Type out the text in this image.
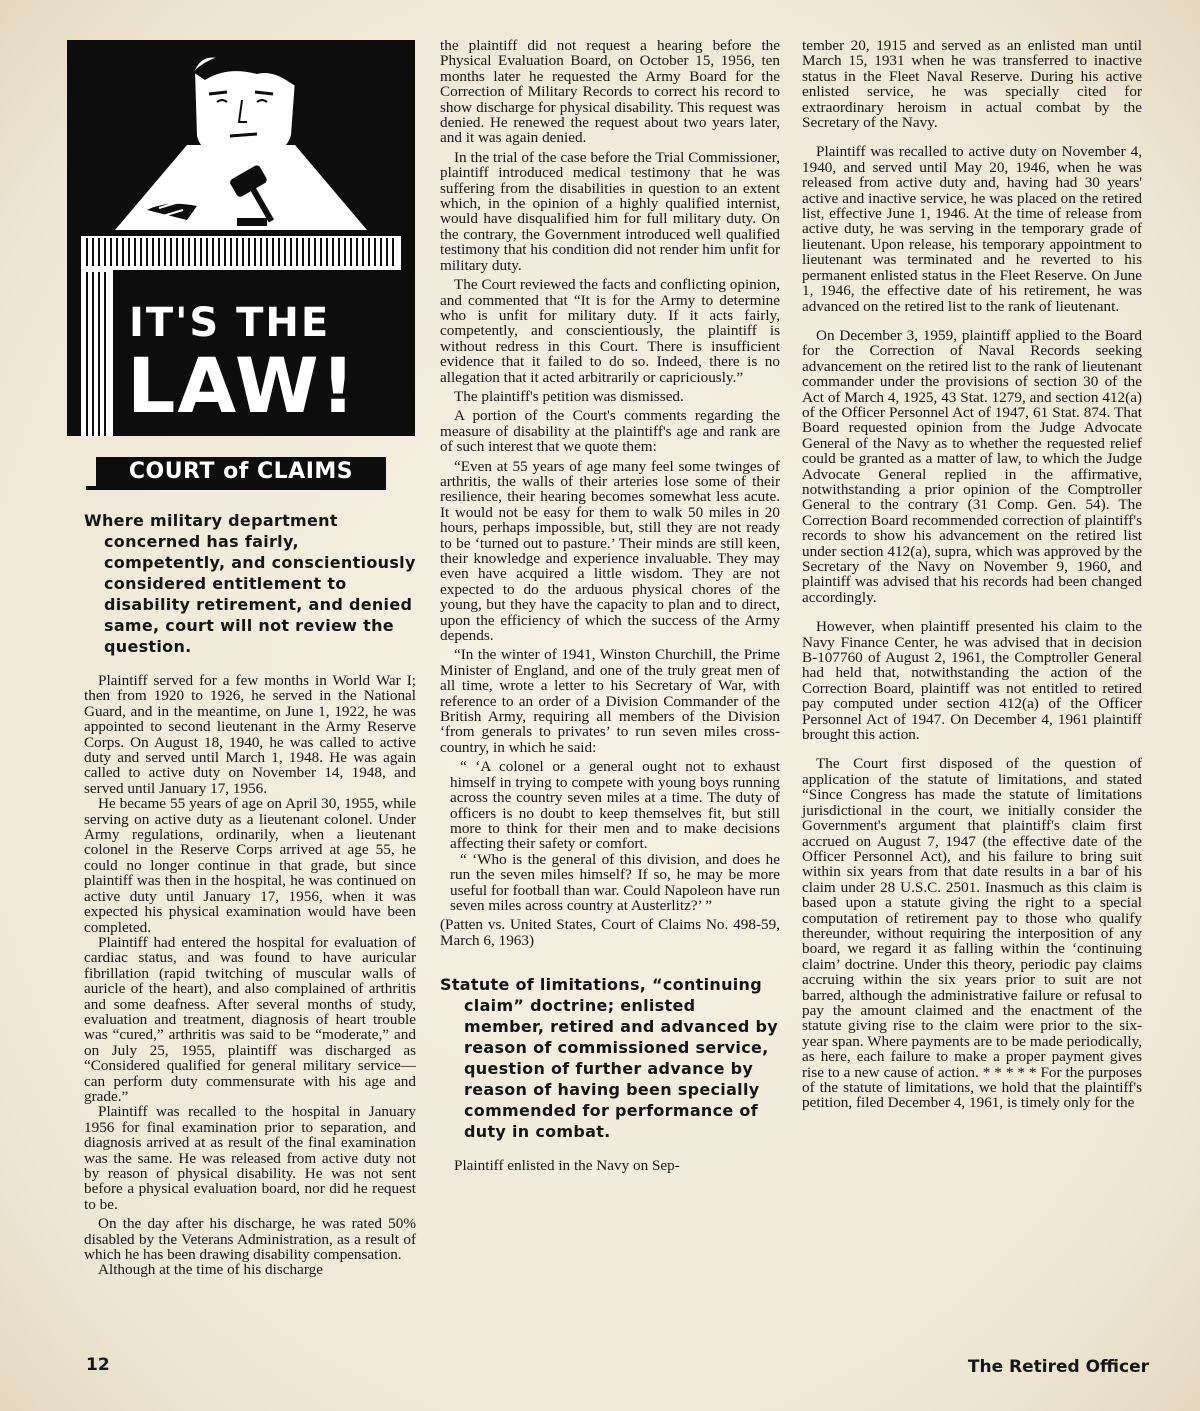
IT'S THE
LAW!
COURT of CLAIMS
Where military department concerned has fairly, competently, and conscientiously considered entitlement to disability retirement, and denied same, court will not review the question.

Plaintiff served for a few months in World War I; then from 1920 to 1926, he served in the National Guard, and in the meantime, on June 1, 1922, he was appointed to second lieutenant in the Army Reserve Corps. On August 18, 1940, he was called to active duty and served until March 1, 1948. He was again called to active duty on November 14, 1948, and served until January 17, 1956.

He became 55 years of age on April 30, 1955, while serving on active duty as a lieutenant colonel. Under Army regulations, ordinarily, when a lieutenant colonel in the Reserve Corps arrived at age 55, he could no longer continue in that grade, but since plaintiff was then in the hospital, he was continued on active duty until January 17, 1956, when it was expected his physical examination would have been completed.

Plaintiff had entered the hospital for evaluation of cardiac status, and was found to have auricular fibrillation (rapid twitching of muscular walls of auricle of the heart), and also complained of arthritis and some deafness. After several months of study, evaluation and treatment, diagnosis of heart trouble was “cured,” arthritis was said to be “moderate,” and on July 25, 1955, plaintiff was discharged as “Considered qualified for general military service—can perform duty commensurate with his age and grade.”

Plaintiff was recalled to the hospital in January 1956 for final examination prior to separation, and diagnosis arrived at as result of the final examination was the same. He was released from active duty not by reason of physical disability. He was not sent before a physical evaluation board, nor did he request to be.

On the day after his discharge, he was rated 50% disabled by the Veterans Administration, as a result of which he has been drawing disability compensation.

Although at the time of his discharge

the plaintiff did not request a hearing before the Physical Evaluation Board, on October 15, 1956, ten months later he requested the Army Board for the Correction of Military Records to correct his record to show discharge for physical disability. This request was denied. He renewed the request about two years later, and it was again denied.

In the trial of the case before the Trial Commissioner, plaintiff introduced medical testimony that he was suffering from the disabilities in question to an extent which, in the opinion of a highly qualified internist, would have disqualified him for full military duty. On the contrary, the Government introduced well qualified testimony that his condition did not render him unfit for military duty.

The Court reviewed the facts and conflicting opinion, and commented that “It is for the Army to determine who is unfit for military duty. If it acts fairly, competently, and conscientiously, the plaintiff is without redress in this Court. There is insufficient evidence that it failed to do so. Indeed, there is no allegation that it acted arbitrarily or capriciously.”

The plaintiff's petition was dismissed.

A portion of the Court's comments regarding the measure of disability at the plaintiff's age and rank are of such interest that we quote them:

“Even at 55 years of age many feel some twinges of arthritis, the walls of their arteries lose some of their resilience, their hearing becomes somewhat less acute. It would not be easy for them to walk 50 miles in 20 hours, perhaps impossible, but, still they are not ready to be ‘turned out to pasture.’ Their minds are still keen, their knowledge and experience invaluable. They may even have acquired a little wisdom. They are not expected to do the arduous physical chores of the young, but they have the capacity to plan and to direct, upon the efficiency of which the success of the Army depends.

“In the winter of 1941, Winston Churchill, the Prime Minister of England, and one of the truly great men of all time, wrote a letter to his Secretary of War, with reference to an order of a Division Commander of the British Army, requiring all members of the Division ‘from generals to privates’ to run seven miles cross-country, in which he said:

“ ‘A colonel or a general ought not to exhaust himself in trying to compete with young boys running across the country seven miles at a time. The duty of officers is no doubt to keep themselves fit, but still more to think for their men and to make decisions affecting their safety or comfort.

“ ‘Who is the general of this division, and does he run the seven miles himself? If so, he may be more useful for football than war. Could Napoleon have run seven miles across country at Austerlitz?’ ”

(Patten vs. United States, Court of Claims No. 498-59, March 6, 1963)

Statute of limitations, “continuing claim” doctrine; enlisted member, retired and advanced by reason of commissioned service, question of further advance by reason of having been specially commended for performance of duty in combat.

Plaintiff enlisted in the Navy on Sep-

tember 20, 1915 and served as an enlisted man until March 15, 1931 when he was transferred to inactive status in the Fleet Naval Reserve. During his active enlisted service, he was specially cited for extraordinary heroism in actual combat by the Secretary of the Navy.

Plaintiff was recalled to active duty on November 4, 1940, and served until May 20, 1946, when he was released from active duty and, having had 30 years' active and inactive service, he was placed on the retired list, effective June 1, 1946. At the time of release from active duty, he was serving in the temporary grade of lieutenant. Upon release, his temporary appointment to lieutenant was terminated and he reverted to his permanent enlisted status in the Fleet Reserve. On June 1, 1946, the effective date of his retirement, he was advanced on the retired list to the rank of lieutenant.

On December 3, 1959, plaintiff applied to the Board for the Correction of Naval Records seeking advancement on the retired list to the rank of lieutenant commander under the provisions of section 30 of the Act of March 4, 1925, 43 Stat. 1279, and section 412(a) of the Officer Personnel Act of 1947, 61 Stat. 874. That Board requested opinion from the Judge Advocate General of the Navy as to whether the requested relief could be granted as a matter of law, to which the Judge Advocate General replied in the affirmative, notwithstanding a prior opinion of the Comptroller General to the contrary (31 Comp. Gen. 54). The Correction Board recommended correction of plaintiff's records to show his advancement on the retired list under section 412(a), supra, which was approved by the Secretary of the Navy on November 9, 1960, and plaintiff was advised that his records had been changed accordingly.

However, when plaintiff presented his claim to the Navy Finance Center, he was advised that in decision B-107760 of August 2, 1961, the Comptroller General had held that, notwithstanding the action of the Correction Board, plaintiff was not entitled to retired pay computed under section 412(a) of the Officer Personnel Act of 1947. On December 4, 1961 plaintiff brought this action.

The Court first disposed of the question of application of the statute of limitations, and stated “Since Congress has made the statute of limitations jurisdictional in the court, we initially consider the Government's argument that plaintiff's claim first accrued on August 7, 1947 (the effective date of the Officer Personnel Act), and his failure to bring suit within six years from that date results in a bar of his claim under 28 U.S.C. 2501. Inasmuch as this claim is based upon a statute giving the right to a special computation of retirement pay to those who qualify thereunder, without requiring the interposition of any board, we regard it as falling within the ‘continuing claim’ doctrine. Under this theory, periodic pay claims accruing within the six years prior to suit are not barred, although the administrative failure or refusal to pay the amount claimed and the enactment of the statute giving rise to the claim were prior to the six-year span. Where payments are to be made periodically, as here, each failure to make a proper payment gives rise to a new cause of action. * * * * * For the purposes of the statute of limitations, we hold that the plaintiff's petition, filed December 4, 1961, is timely only for the

12	The Retired Officer
